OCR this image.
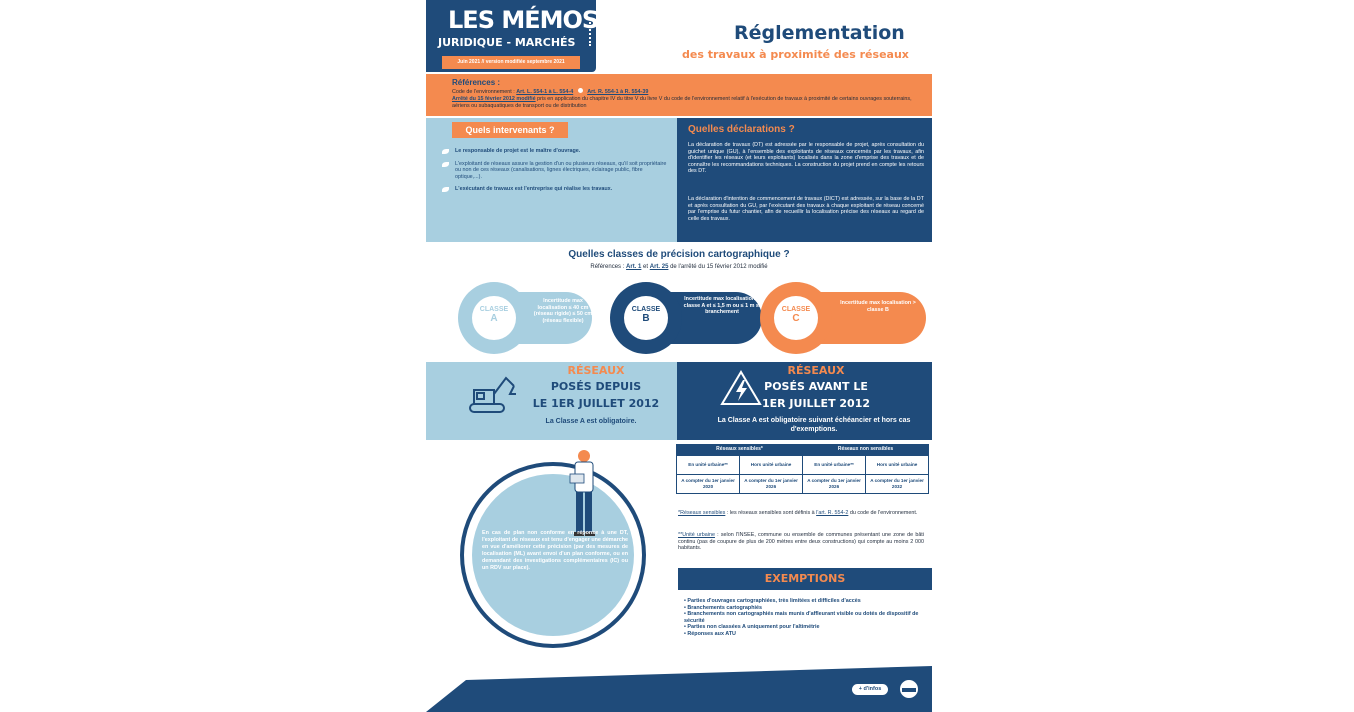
LES MÉMOS
JURIDIQUE - MARCHÉS
3
Juin 2021 // version modifiée septembre 2021
Réglementation
des travaux à proximité des réseaux
Références :
Code de l'environnement : Art. L. 554-1 à L. 554-4	Art. R. 554-1 à R. 554-39
Arrêté du 15 février 2012 modifié pris en application du chapitre IV du titre V du livre V du code de l'environnement relatif à l'exécution de travaux à proximité de certains ouvrages souterrains, aériens ou subaquatiques de transport ou de distribution
Quels intervenants ?
Le responsable de projet est le maître d'ouvrage.
L'exploitant de réseaux assure la gestion d'un ou plusieurs réseaux, qu'il soit propriétaire ou non de ces réseaux (canalisations, lignes électriques, éclairage public, fibre optique,...).
L'exécutant de travaux est l'entreprise qui réalise les travaux.
Quelles déclarations ?
La déclaration de travaux (DT) est adressée par le responsable de projet, après consultation du guichet unique (GU), à l'ensemble des exploitants de réseaux concernés par les travaux, afin d'identifier les réseaux (et leurs exploitants) localisés dans la zone d'emprise des travaux et de connaître les recommandations techniques. La construction du projet prend en compte les retours des DT.
La déclaration d'intention de commencement de travaux (DICT) est adressée, sur la base de la DT et après consultation du GU, par l'exécutant des travaux à chaque exploitant de réseau concerné par l'emprise du futur chantier, afin de recueillir la localisation précise des réseaux au regard de celle des travaux.
Quelles classes de précision cartographique ?
Références : Art. 1 et Art. 25 de l'arrêté du 15 février 2012 modifié
CLASSE
A
Incertitude max localisation ≤ 40 cm (réseau rigide) ≤ 50 cm (réseau flexible)
CLASSE
B
Incertitude max localisation > classe A et ≤ 1,5 m ou ≤ 1 m si branchement	CLASSE
C
Incertitude max localisation > classe B
RÉSEAUX
POSÉS DEPUIS
LE 1ER JUILLET 2012
La Classe A est obligatoire.
RÉSEAUX
POSÉS AVANT LE
1ER JUILLET 2012
La Classe A est obligatoire suivant échéancier et hors cas d'exemptions.
Réseaux sensibles*		Réseaux non sensibles	
En unité urbaine**	Hors unité urbaine	En unité urbaine**	Hors unité urbaine
A compter du 1er janvier 2020	A compter du 1er janvier 2026	A compter du 1er janvier 2026	A compter du 1er janvier 2032
*Réseaux sensibles : les réseaux sensibles sont définis à l'art. R. 554-2 du code de l'environnement.
**Unité urbaine : selon l'INSEE, commune ou ensemble de communes présentant une zone de bâti continu (pas de coupure de plus de 200 mètres entre deux constructions) qui compte au moins 2 000 habitants.
En cas de plan non conforme en réponse à une DT, l'exploitant de réseaux est tenu d'engager une démarche en vue d'améliorer cette précision (par des mesures de localisation (ML) avant envoi d'un plan conforme, ou en demandant des investigations complémentaires (IC) ou un RDV sur place).
EXEMPTIONS
• Parties d'ouvrages cartographiées, très limitées et difficiles d'accès
• Branchements cartographiés
• Branchements non cartographiés mais munis d'affleurant visible ou dotés de dispositif de sécurité
• Parties non classées A uniquement pour l'altimétrie
• Réponses aux ATU
+ d'infos
